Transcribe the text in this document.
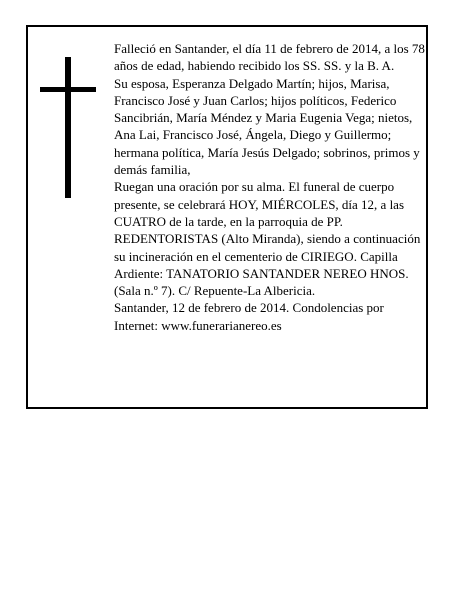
Falleció en Santander, el día 11 de febrero de 2014, a los 78 años de edad, habiendo recibido los SS. SS. y la B. A.

Su esposa, Esperanza Delgado Martín; hijos, Marisa, Francisco José y Juan Carlos; hijos políticos, Federico Sancibrián, María Méndez y Maria Eugenia Vega; nietos, Ana Lai, Francisco José, Ángela, Diego y Guillermo; hermana política, María Jesús Delgado; sobrinos, primos y demás familia,

Ruegan una oración por su alma. El funeral de cuerpo presente, se celebrará HOY, MIÉRCOLES, día 12, a las CUATRO de la tarde, en la parroquia de PP. REDENTORISTAS (Alto Miranda), siendo a continuación su incineración en el cementerio de CIRIEGO. Capilla Ardiente: TANATORIO SANTANDER NEREO HNOS. (Sala n.º 7). C/ Repuente-La Albericia.

Santander, 12 de febrero de 2014. Condolencias por Internet: www.funerarianereo.es
